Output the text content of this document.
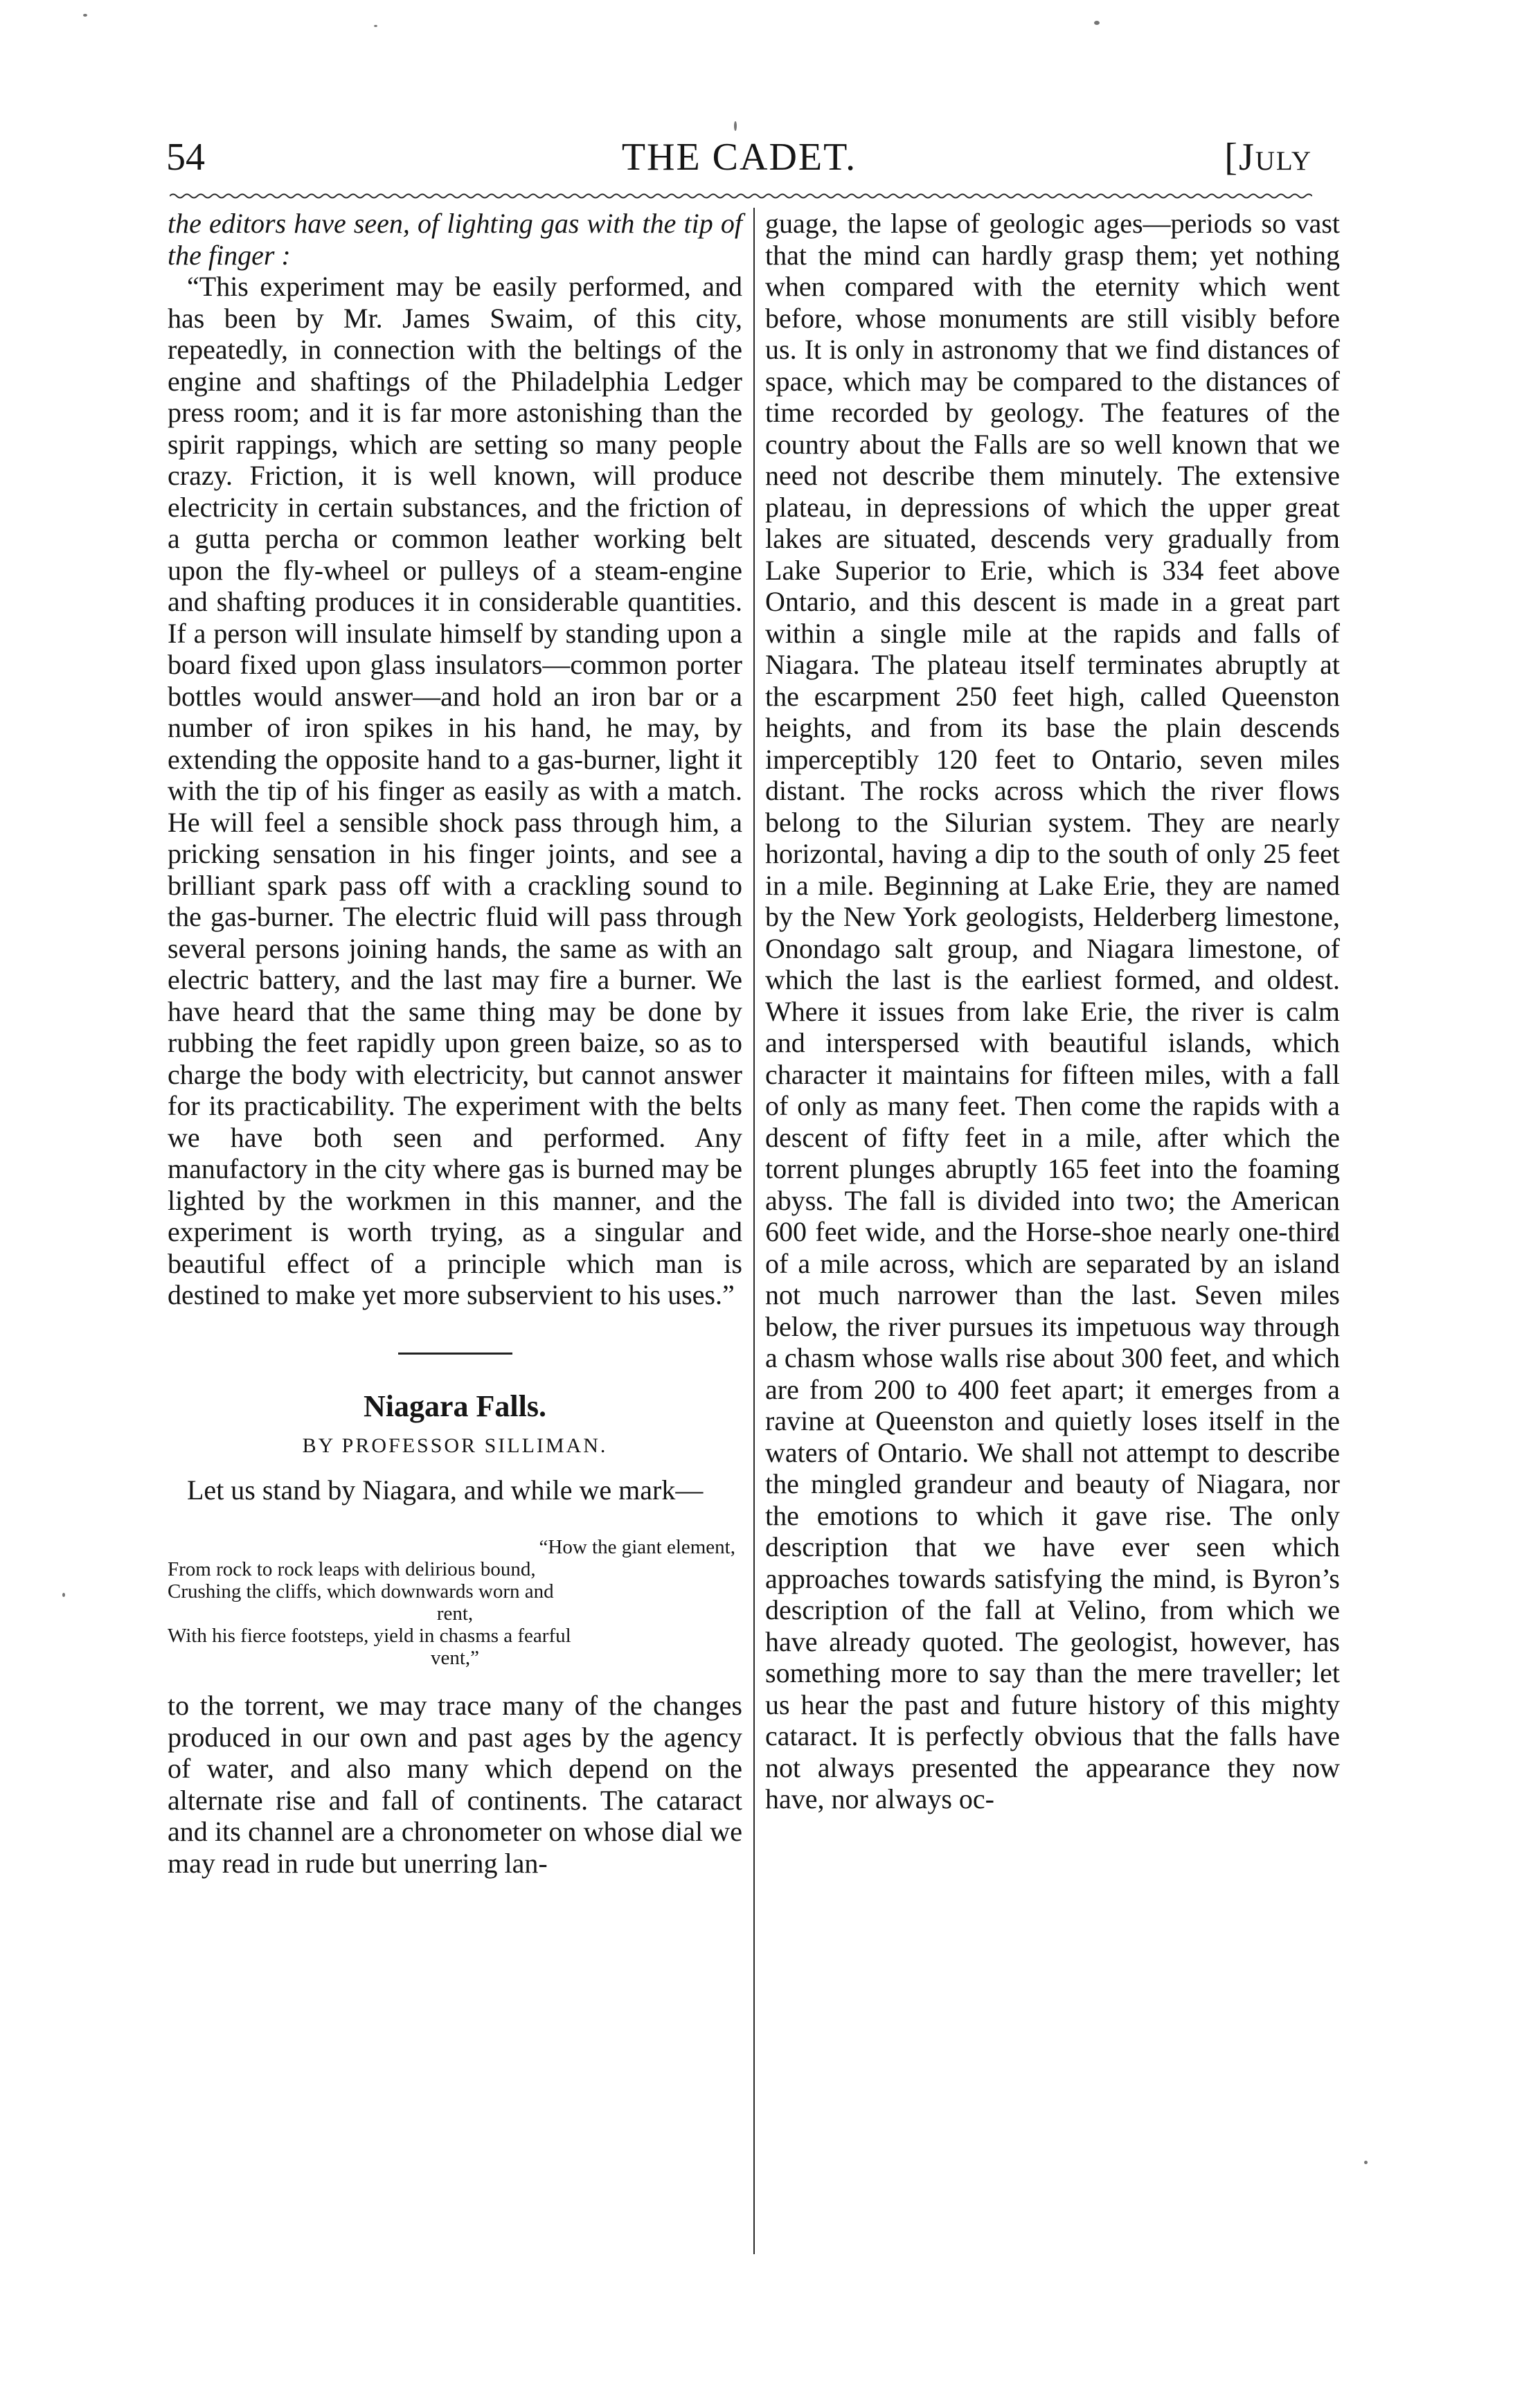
54	THE CADET.	[July

the editors have seen, of lighting gas with the tip of the finger :

“This experiment may be easily performed, and has been by Mr. James Swaim, of this city, repeatedly, in connection with the beltings of the engine and shaftings of the Philadelphia Ledger press room; and it is far more astonishing than the spirit rappings, which are setting so many people crazy. Friction, it is well known, will produce electricity in certain substances, and the friction of a gutta percha or common leather working belt upon the fly-wheel or pulleys of a steam-engine and shafting produces it in considerable quantities. If a person will insulate himself by standing upon a board fixed upon glass insulators—common porter bottles would answer—and hold an iron bar or a number of iron spikes in his hand, he may, by extending the opposite hand to a gas-burner, light it with the tip of his finger as easily as with a match. He will feel a sensible shock pass through him, a pricking sensation in his finger joints, and see a brilliant spark pass off with a crackling sound to the gas-burner. The electric fluid will pass through several persons joining hands, the same as with an electric battery, and the last may fire a burner. We have heard that the same thing may be done by rubbing the feet rapidly upon green baize, so as to charge the body with electricity, but cannot answer for its practicability. The experiment with the belts we have both seen and performed. Any manufactory in the city where gas is burned may be lighted by the workmen in this manner, and the experiment is worth trying, as a singular and beautiful effect of a principle which man is destined to make yet more subservient to his uses.”

Niagara Falls.

BY PROFESSOR SILLIMAN.

Let us stand by Niagara, and while we mark—

“How the giant element,
From rock to rock leaps with delirious bound,
Crushing the cliffs, which downwards worn and
rent,
With his fierce footsteps, yield in chasms a fearful
vent,”

to the torrent, we may trace many of the changes produced in our own and past ages by the agency of water, and also many which depend on the alternate rise and fall of continents. The cataract and its channel are a chronometer on whose dial we may read in rude but unerring lan-

guage, the lapse of geologic ages—periods so vast that the mind can hardly grasp them; yet nothing when compared with the eternity which went before, whose monuments are still visibly before us. It is only in astronomy that we find distances of space, which may be compared to the distances of time recorded by geology. The features of the country about the Falls are so well known that we need not describe them minutely. The extensive plateau, in depressions of which the upper great lakes are situated, descends very gradually from Lake Superior to Erie, which is 334 feet above Ontario, and this descent is made in a great part within a single mile at the rapids and falls of Niagara. The plateau itself terminates abruptly at the escarpment 250 feet high, called Queenston heights, and from its base the plain descends imperceptibly 120 feet to Ontario, seven miles distant. The rocks across which the river flows belong to the Silurian system. They are nearly horizontal, having a dip to the south of only 25 feet in a mile. Beginning at Lake Erie, they are named by the New York geologists, Helderberg limestone, Onondago salt group, and Niagara limestone, of which the last is the earliest formed, and oldest. Where it issues from lake Erie, the river is calm and interspersed with beautiful islands, which character it maintains for fifteen miles, with a fall of only as many feet. Then come the rapids with a descent of fifty feet in a mile, after which the torrent plunges abruptly 165 feet into the foaming abyss. The fall is divided into two; the American 600 feet wide, and the Horse-shoe nearly one-third of a mile across, which are separated by an island not much narrower than the last. Seven miles below, the river pursues its impetuous way through a chasm whose walls rise about 300 feet, and which are from 200 to 400 feet apart; it emerges from a ravine at Queenston and quietly loses itself in the waters of Ontario. We shall not attempt to describe the mingled grandeur and beauty of Niagara, nor the emotions to which it gave rise. The only description that we have ever seen which approaches towards satisfying the mind, is Byron’s description of the fall at Velino, from which we have already quoted. The geologist, however, has something more to say than the mere traveller; let us hear the past and future history of this mighty cataract. It is perfectly obvious that the falls have not always presented the appearance they now have, nor always oc-
